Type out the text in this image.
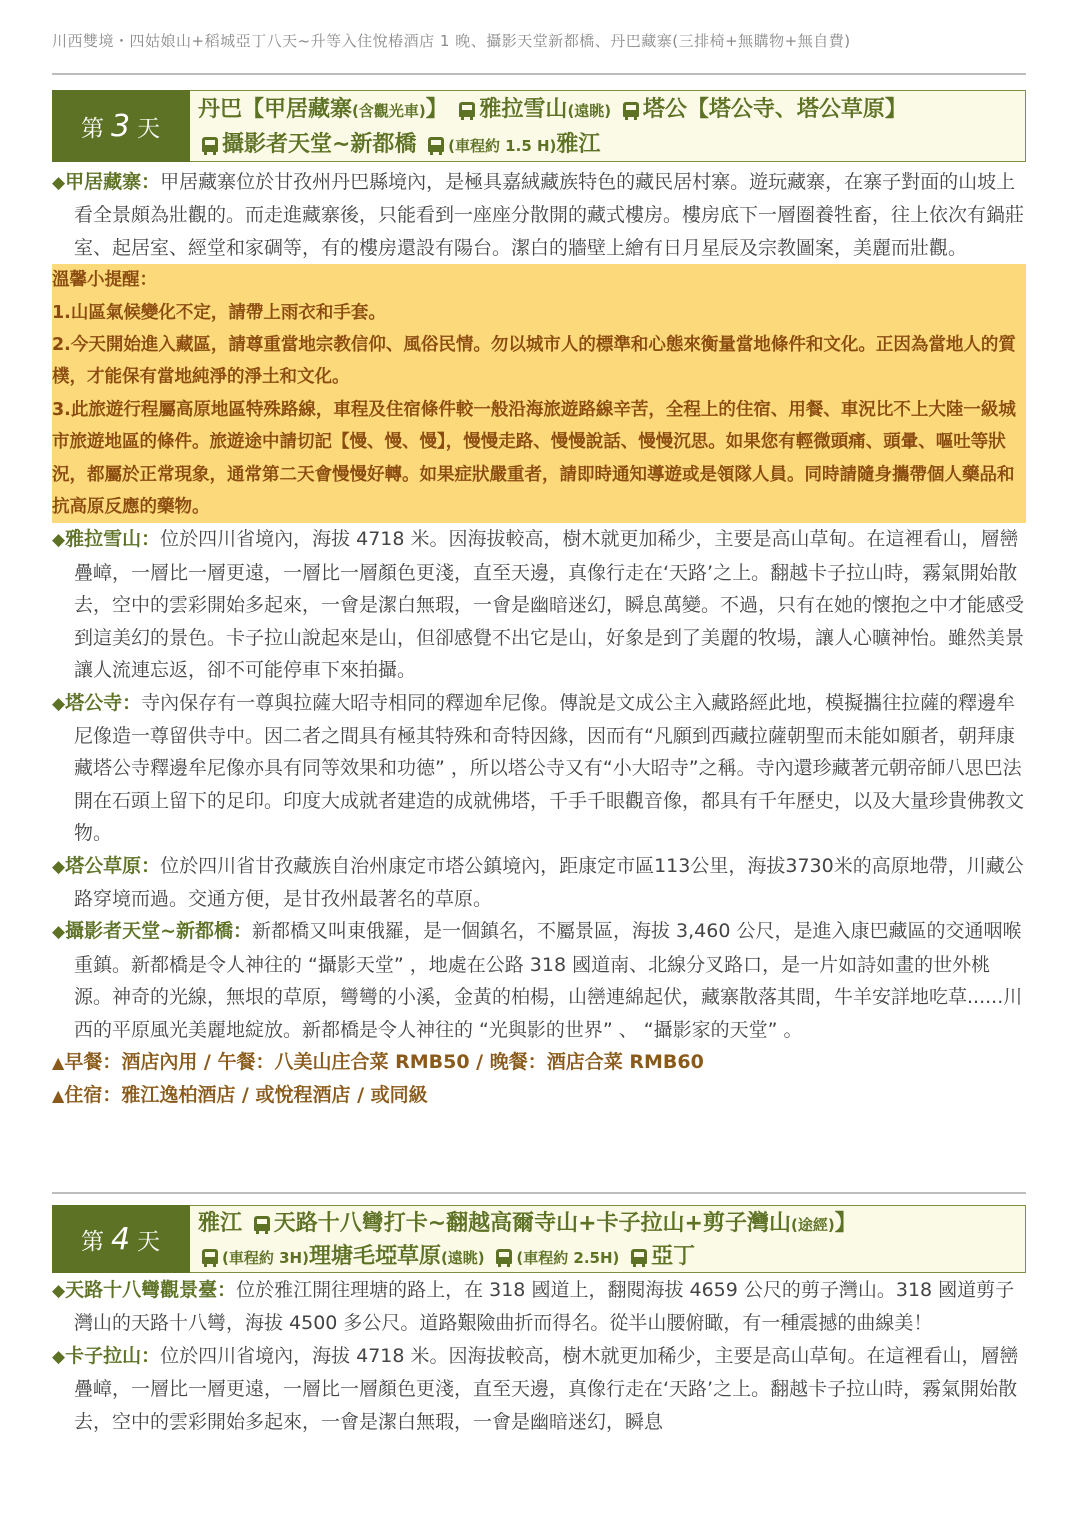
川西雙境・四姑娘山+稻城亞丁八天~升等入住悅椿酒店 1 晚、攝影天堂新都橋、丹巴藏寨(三排椅+無購物+無自費)
第 3 天
丹巴【甲居藏寨(含觀光車)】 雅拉雪山(遠眺) 塔公【塔公寺、塔公草原】
攝影者天堂~新都橋 (車程約 1.5 H)雅江

◆甲居藏寨：甲居藏寨位於甘孜州丹巴縣境內，是極具嘉絨藏族特色的藏民居村寨。遊玩藏寨，在寨子對面的山坡上看全景頗為壯觀的。而走進藏寨後，只能看到一座座分散開的藏式樓房。樓房底下一層圈養牲畜，往上依次有鍋莊室、起居室、經堂和家碉等，有的樓房還設有陽台。潔白的牆壁上繪有日月星辰及宗教圖案，美麗而壯觀。

溫馨小提醒：

1.山區氣候變化不定，請帶上雨衣和手套。

2.今天開始進入藏區，請尊重當地宗教信仰、風俗民情。勿以城市人的標準和心態來衡量當地條件和文化。正因為當地人的質樸，才能保有當地純淨的淨土和文化。

3.此旅遊行程屬高原地區特殊路線，車程及住宿條件較一般沿海旅遊路線辛苦，全程上的住宿、用餐、車況比不上大陸一級城市旅遊地區的條件。旅遊途中請切記【慢、慢、慢】，慢慢走路、慢慢說話、慢慢沉思。如果您有輕微頭痛、頭暈、嘔吐等狀況，都屬於正常現象，通常第二天會慢慢好轉。如果症狀嚴重者，請即時通知導遊或是領隊人員。同時請隨身攜帶個人藥品和抗高原反應的藥物。

◆雅拉雪山：位於四川省境內，海拔 4718 米。因海拔較高，樹木就更加稀少，主要是高山草甸。在這裡看山，層巒疊嶂，一層比一層更遠，一層比一層顏色更淺，直至天邊，真像行走在‘天路’之上。翻越卡子拉山時，霧氣開始散去，空中的雲彩開始多起來，一會是潔白無瑕，一會是幽暗迷幻，瞬息萬變。不過，只有在她的懷抱之中才能感受到這美幻的景色。卡子拉山說起來是山，但卻感覺不出它是山，好象是到了美麗的牧場，讓人心曠神怡。雖然美景讓人流連忘返，卻不可能停車下來拍攝。

◆塔公寺：寺內保存有一尊與拉薩大昭寺相同的釋迦牟尼像。傳說是文成公主入藏路經此地，模擬攜往拉薩的釋邊牟尼像造一尊留供寺中。因二者之間具有極其特殊和奇特因緣，因而有“凡願到西藏拉薩朝聖而未能如願者，朝拜康藏塔公寺釋邊牟尼像亦具有同等效果和功德” ，所以塔公寺又有“小大昭寺”之稱。寺內還珍藏著元朝帝師八思巴法開在石頭上留下的足印。印度大成就者建造的成就佛塔，千手千眼觀音像，都具有千年歷史，以及大量珍貴佛教文物。

◆塔公草原：位於四川省甘孜藏族自治州康定市塔公鎮境內，距康定市區113公里，海拔3730米的高原地帶，川藏公路穿境而過。交通方便，是甘孜州最著名的草原。

◆攝影者天堂~新都橋：新都橋又叫東俄羅，是一個鎮名，不屬景區，海拔 3,460 公尺，是進入康巴藏區的交通咽喉重鎮。新都橋是令人神往的 “攝影天堂” ，地處在公路 318 國道南、北線分叉路口，是一片如詩如畫的世外桃源。神奇的光線，無垠的草原，彎彎的小溪，金黃的柏楊，山巒連綿起伏，藏寨散落其間，牛羊安詳地吃草......川西的平原風光美麗地綻放。新都橋是令人神往的 “光與影的世界” 、 “攝影家的天堂” 。

▲早餐：酒店內用 / 午餐：八美山庄合菜 RMB50 / 晚餐：酒店合菜 RMB60

▲住宿：雅江逸柏酒店 / 或悅程酒店 / 或同級

第 4 天
雅江 天路十八彎打卡~翻越高爾寺山+卡子拉山+剪子灣山(途經)】
(車程約 3H)理塘毛埡草原(遠眺) (車程約 2.5H) 亞丁

◆天路十八彎觀景臺：位於雅江開往理塘的路上，在 318 國道上，翻閱海拔 4659 公尺的剪子灣山。318 國道剪子灣山的天路十八彎，海拔 4500 多公尺。道路艱險曲折而得名。從半山腰俯瞰，有一種震撼的曲線美！

◆卡子拉山：位於四川省境內，海拔 4718 米。因海拔較高，樹木就更加稀少，主要是高山草甸。在這裡看山，層巒疊嶂，一層比一層更遠，一層比一層顏色更淺，直至天邊，真像行走在‘天路’之上。翻越卡子拉山時，霧氣開始散去，空中的雲彩開始多起來，一會是潔白無瑕，一會是幽暗迷幻，瞬息
